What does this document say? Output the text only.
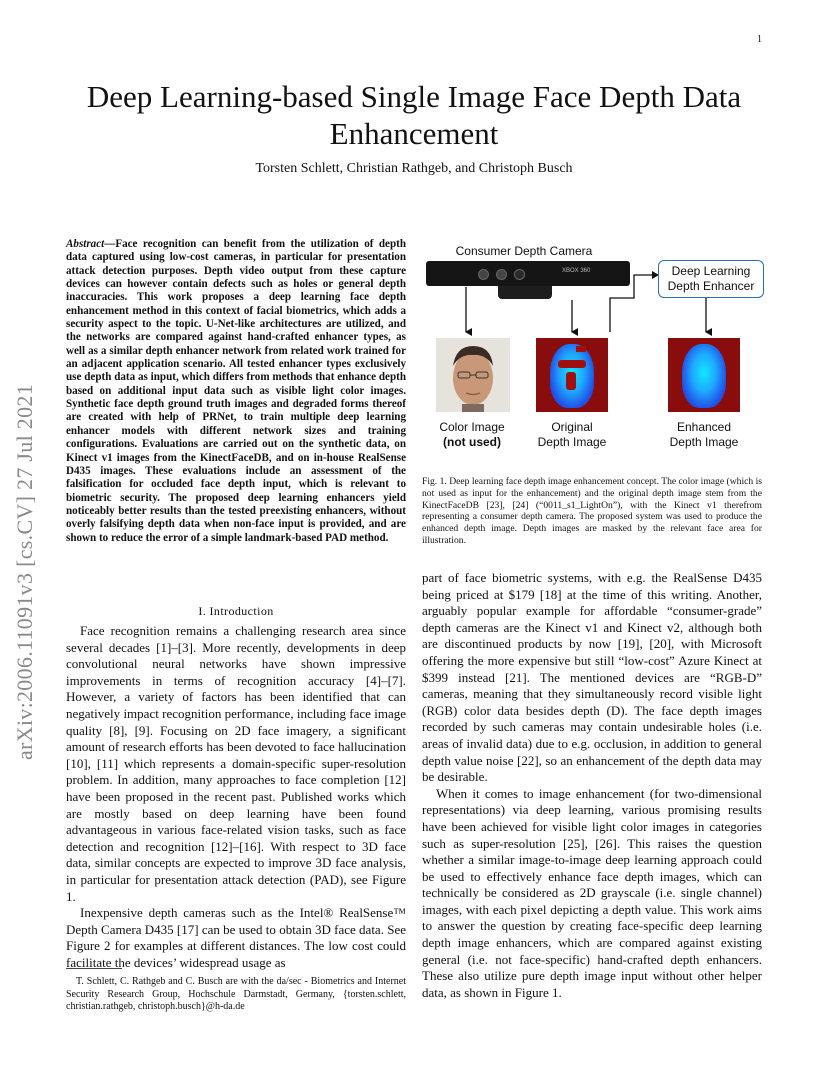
1
Deep Learning-based Single Image Face Depth Data Enhancement
Torsten Schlett, Christian Rathgeb, and Christoph Busch
arXiv:2006.11091v3 [cs.CV] 27 Jul 2021
Abstract—Face recognition can benefit from the utilization of depth data captured using low-cost cameras, in particular for presentation attack detection purposes. Depth video output from these capture devices can however contain defects such as holes or general depth inaccuracies. This work proposes a deep learning face depth enhancement method in this context of facial biometrics, which adds a security aspect to the topic. U-Net-like architectures are utilized, and the networks are compared against hand-crafted enhancer types, as well as a similar depth enhancer network from related work trained for an adjacent application scenario. All tested enhancer types exclusively use depth data as input, which differs from methods that enhance depth based on additional input data such as visible light color images. Synthetic face depth ground truth images and degraded forms thereof are created with help of PRNet, to train multiple deep learning enhancer models with different network sizes and training configurations. Evaluations are carried out on the synthetic data, on Kinect v1 images from the KinectFaceDB, and on in-house RealSense D435 images. These evaluations include an assessment of the falsification for occluded face depth input, which is relevant to biometric security. The proposed deep learning enhancers yield noticeably better results than the tested preexisting enhancers, without overly falsifying depth data when non-face input is provided, and are shown to reduce the error of a simple landmark-based PAD method.
I. Introduction

Face recognition remains a challenging research area since several decades [1]–[3]. More recently, developments in deep convolutional neural networks have shown impressive improvements in terms of recognition accuracy [4]–[7]. However, a variety of factors has been identified that can negatively impact recognition performance, including face image quality [8], [9]. Focusing on 2D face imagery, a significant amount of research efforts has been devoted to face hallucination [10], [11] which represents a domain-specific super-resolution problem. In addition, many approaches to face completion [12] have been proposed in the recent past. Published works which are mostly based on deep learning have been found advantageous in various face-related vision tasks, such as face detection and recognition [12]–[16]. With respect to 3D face data, similar concepts are expected to improve 3D face analysis, in particular for presentation attack detection (PAD), see Figure 1.

Inexpensive depth cameras such as the Intel® RealSense™ Depth Camera D435 [17] can be used to obtain 3D face data. See Figure 2 for examples at different distances. The low cost could facilitate the devices’ widespread usage as

T. Schlett, C. Rathgeb and C. Busch are with the da/sec - Biometrics and Internet Security Research Group, Hochschule Darmstadt, Germany, {torsten.schlett, christian.rathgeb, christoph.busch}@h-da.de

Consumer Depth Camera
XBOX 360	Deep Learning
Depth Enhancer
Color Image
(not used)
Original
Depth Image
Enhanced
Depth Image
Fig. 1. Deep learning face depth image enhancement concept. The color image (which is not used as input for the enhancement) and the original depth image stem from the KinectFaceDB [23], [24] (“0011_s1_LightOn”), with the Kinect v1 therefrom representing a consumer depth camera. The proposed system was used to produce the enhanced depth image. Depth images are masked by the relevant face area for illustration.

part of face biometric systems, with e.g. the RealSense D435 being priced at $179 [18] at the time of this writing. Another, arguably popular example for affordable “consumer-grade” depth cameras are the Kinect v1 and Kinect v2, although both are discontinued products by now [19], [20], with Microsoft offering the more expensive but still “low-cost” Azure Kinect at $399 instead [21]. The mentioned devices are “RGB-D” cameras, meaning that they simultaneously record visible light (RGB) color data besides depth (D). The face depth images recorded by such cameras may contain undesirable holes (i.e. areas of invalid data) due to e.g. occlusion, in addition to general depth value noise [22], so an enhancement of the depth data may be desirable.

When it comes to image enhancement (for two-dimensional representations) via deep learning, various promising results have been achieved for visible light color images in categories such as super-resolution [25], [26]. This raises the question whether a similar image-to-image deep learning approach could be used to effectively enhance face depth images, which can technically be considered as 2D grayscale (i.e. single channel) images, with each pixel depicting a depth value. This work aims to answer the question by creating face-specific deep learning depth image enhancers, which are compared against existing general (i.e. not face-specific) hand-crafted depth enhancers. These also utilize pure depth image input without other helper data, as shown in Figure 1.
